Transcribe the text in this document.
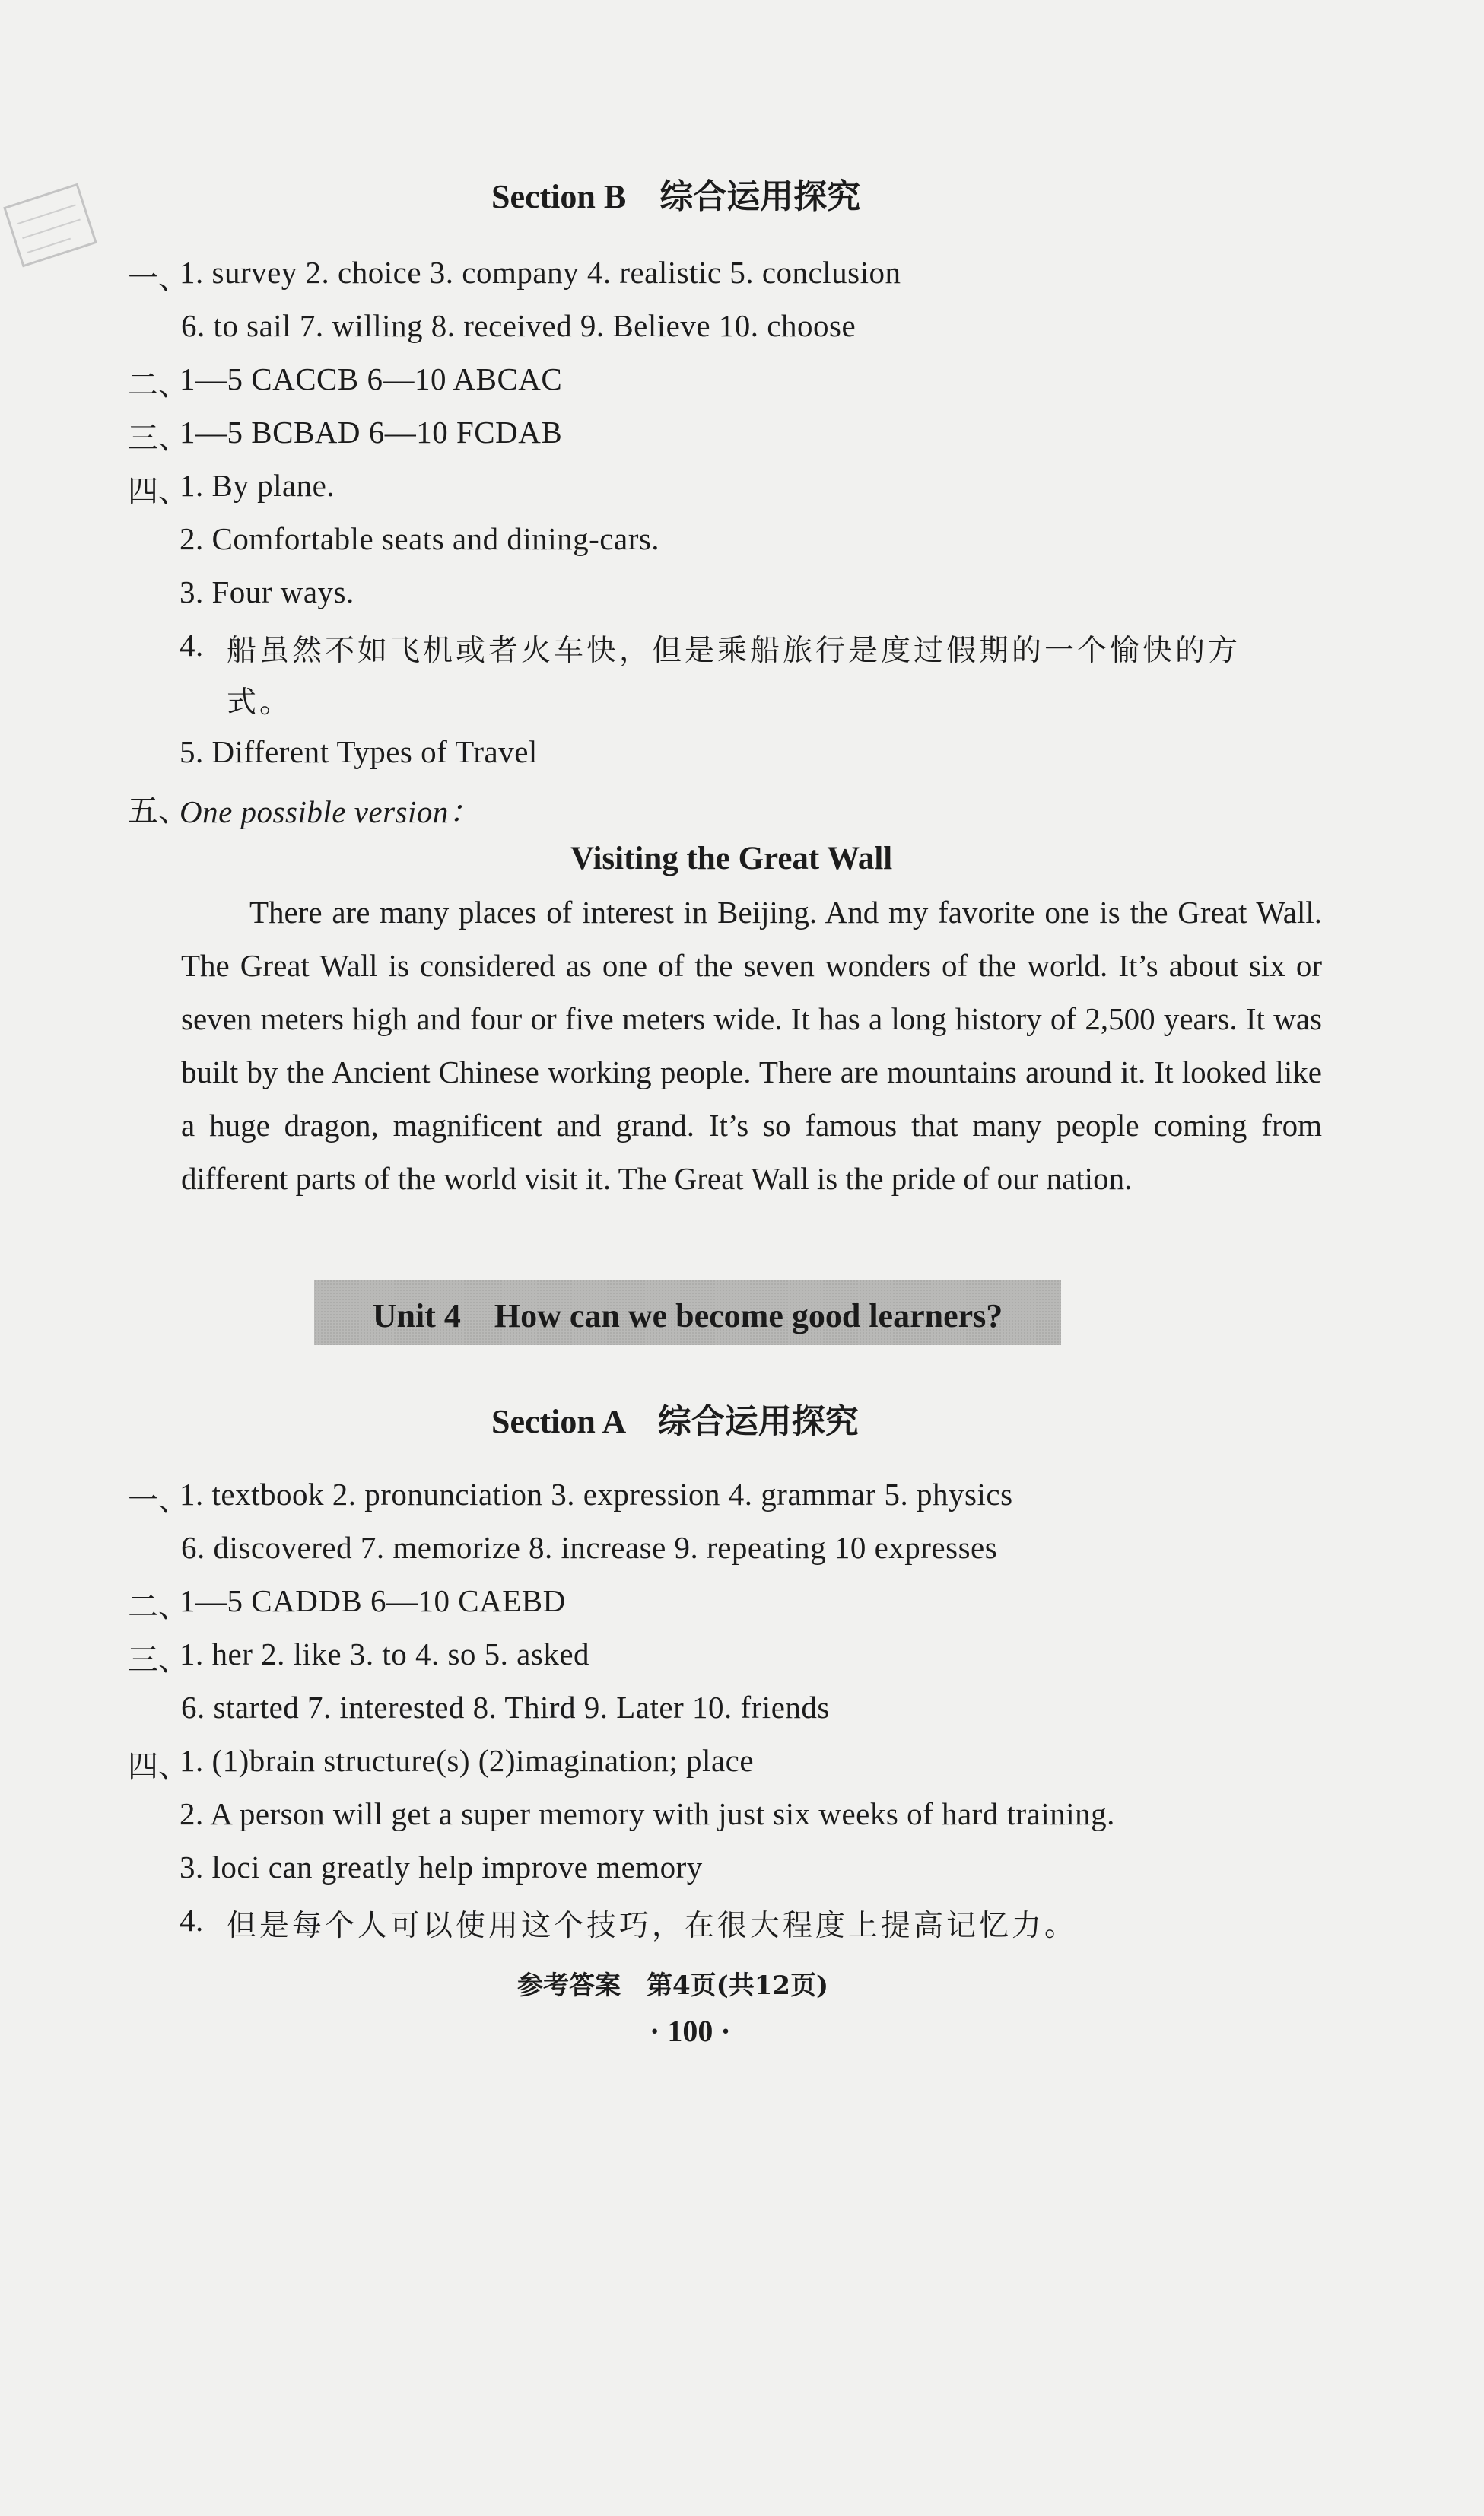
Section B　综合运用探究
一、
1. survey 2. choice 3. company 4. realistic 5. conclusion
6. to sail 7. willing 8. received 9. Believe 10. choose
二、
1—5 CACCB 6—10 ABCAC
三、
1—5 BCBAD 6—10 FCDAB
四、
1. By plane.
2. Comfortable seats and dining-cars.
3. Four ways.
4. 船虽然不如飞机或者火车快，但是乘船旅行是度过假期的一个愉快的方
式。
5. Different Types of Travel
五、
One possible version：
Visiting the Great Wall

There are many places of interest in Beijing. And my favorite one is the Great Wall. The Great Wall is considered as one of the seven wonders of the world. It’s about six or seven meters high and four or five meters wide. It has a long history of 2,500 years. It was built by the Ancient Chinese working people. There are mountains around it. It looked like a huge dragon, magnificent and grand. It’s so famous that many people coming from different parts of the world visit it. The Great Wall is the pride of our nation.

Unit 4　How can we become good learners?
Section A　综合运用探究
一、
1. textbook 2. pronunciation 3. expression 4. grammar 5. physics
6. discovered 7. memorize 8. increase 9. repeating 10 expresses
二、
1—5 CADDB 6—10 CAEBD
三、
1. her 2. like 3. to 4. so 5. asked
6. started 7. interested 8. Third 9. Later 10. friends
四、
1. (1)brain structure(s) (2)imagination; place
2. A person will get a super memory with just six weeks of hard training.
3. loci can greatly help improve memory
4. 但是每个人可以使用这个技巧，在很大程度上提高记忆力。
参考答案　第4页(共12页)
· 100 ·
